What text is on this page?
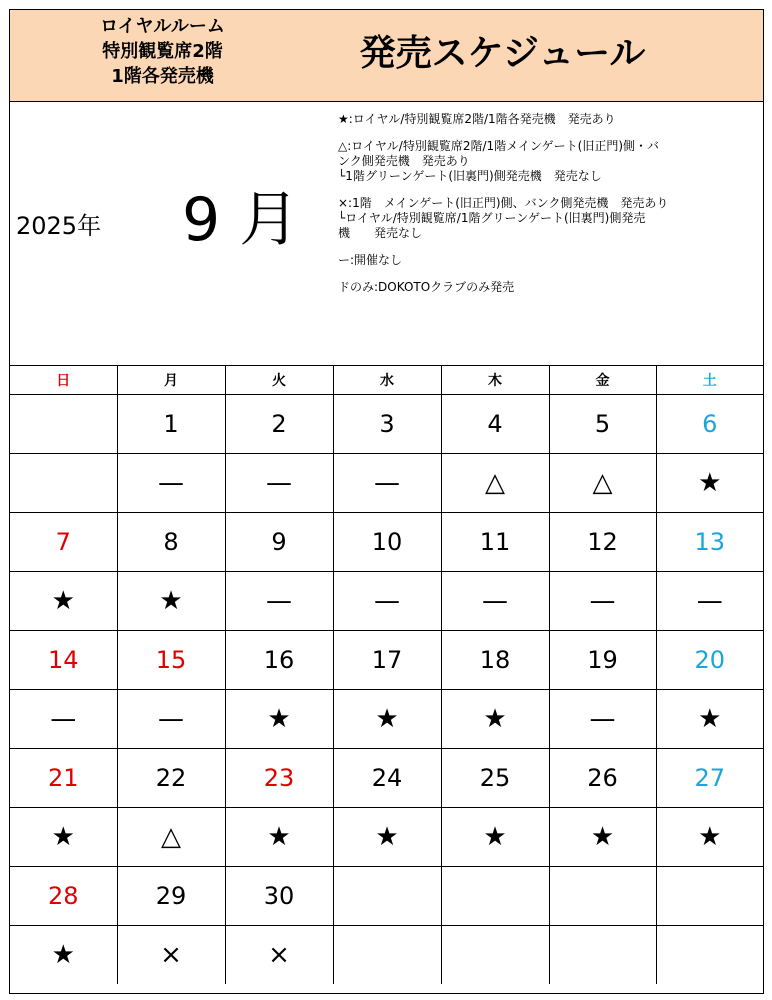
ロイヤルルーム
特別観覧席2階
1階各発売機
発売スケジュール
2025年 9 月

★:ロイヤル/特別観覧席2階/1階各発売機　発売あり

△:ロイヤル/特別観覧席2階/1階メインゲート(旧正門)側・バ

ンク側発売機　発売あり

└1階グリーンゲート(旧裏門)側発売機　発売なし

×:1階　メインゲート(旧正門)側、バンク側発売機　発売あり

└ロイヤル/特別観覧席/1階グリーンゲート(旧裏門)側発売

機　　発売なし

ー:開催なし

ドのみ:DOKOTOクラブのみ発売

日	月	火	水	木	金	土
	1	2	3	4	5	6
	—	—	—	△	△	★
7	8	9	10	11	12	13
★	★	—	—	—	—	—
14	15	16	17	18	19	20
—	—	★	★	★	—	★
21	22	23	24	25	26	27
★	△	★	★	★	★	★
28	29	30				
★	×	×				
